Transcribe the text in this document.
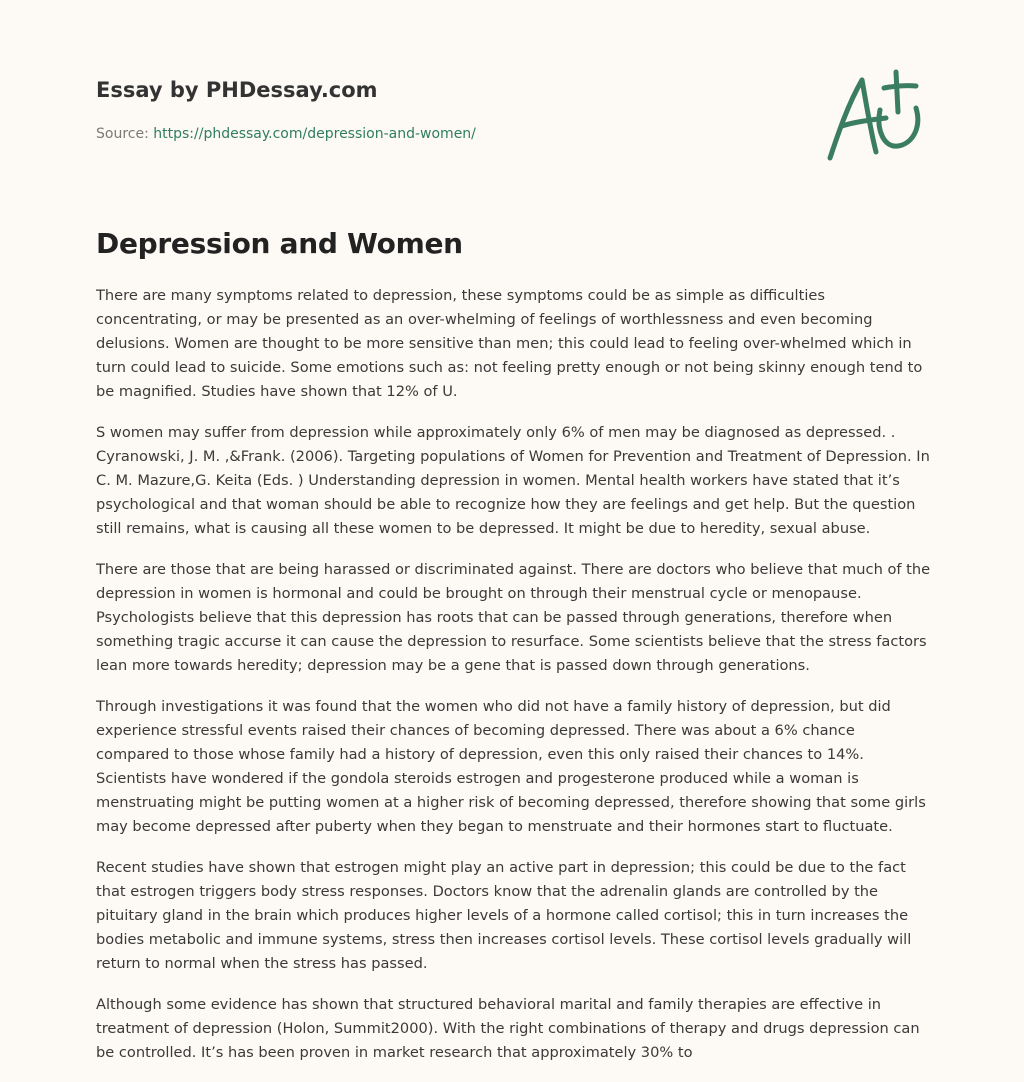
Essay by PHDessay.com
Source: https://phdessay.com/depression-and-women/
Depression and Women

There are many symptoms related to depression, these symptoms could be as simple as difficulties concentrating, or may be presented as an over-whelming of feelings of worthlessness and even becoming delusions. Women are thought to be more sensitive than men; this could lead to feeling over-whelmed which in turn could lead to suicide. Some emotions such as: not feeling pretty enough or not being skinny enough tend to be magnified. Studies have shown that 12% of U.

S women may suffer from depression while approximately only 6% of men may be diagnosed as depressed. . Cyranowski, J. M. ,&Frank. (2006). Targeting populations of Women for Prevention and Treatment of Depression. In C. M. Mazure,G. Keita (Eds. ) Understanding depression in women. Mental health workers have stated that it’s psychological and that woman should be able to recognize how they are feelings and get help. But the question still remains, what is causing all these women to be depressed. It might be due to heredity, sexual abuse.

There are those that are being harassed or discriminated against. There are doctors who believe that much of the depression in women is hormonal and could be brought on through their menstrual cycle or menopause. Psychologists believe that this depression has roots that can be passed through generations, therefore when something tragic accurse it can cause the depression to resurface. Some scientists believe that the stress factors lean more towards heredity; depression may be a gene that is passed down through generations.

Through investigations it was found that the women who did not have a family history of depression, but did experience stressful events raised their chances of becoming depressed. There was about a 6% chance compared to those whose family had a history of depression, even this only raised their chances to 14%. Scientists have wondered if the gondola steroids estrogen and progesterone produced while a woman is menstruating might be putting women at a higher risk of becoming depressed, therefore showing that some girls may become depressed after puberty when they began to menstruate and their hormones start to fluctuate.

Recent studies have shown that estrogen might play an active part in depression; this could be due to the fact that estrogen triggers body stress responses. Doctors know that the adrenalin glands are controlled by the pituitary gland in the brain which produces higher levels of a hormone called cortisol; this in turn increases the bodies metabolic and immune systems, stress then increases cortisol levels. These cortisol levels gradually will return to normal when the stress has passed.

Although some evidence has shown that structured behavioral marital and family therapies are effective in treatment of depression (Holon, Summit2000). With the right combinations of therapy and drugs depression can be controlled. It’s has been proven in market research that approximately 30% to
